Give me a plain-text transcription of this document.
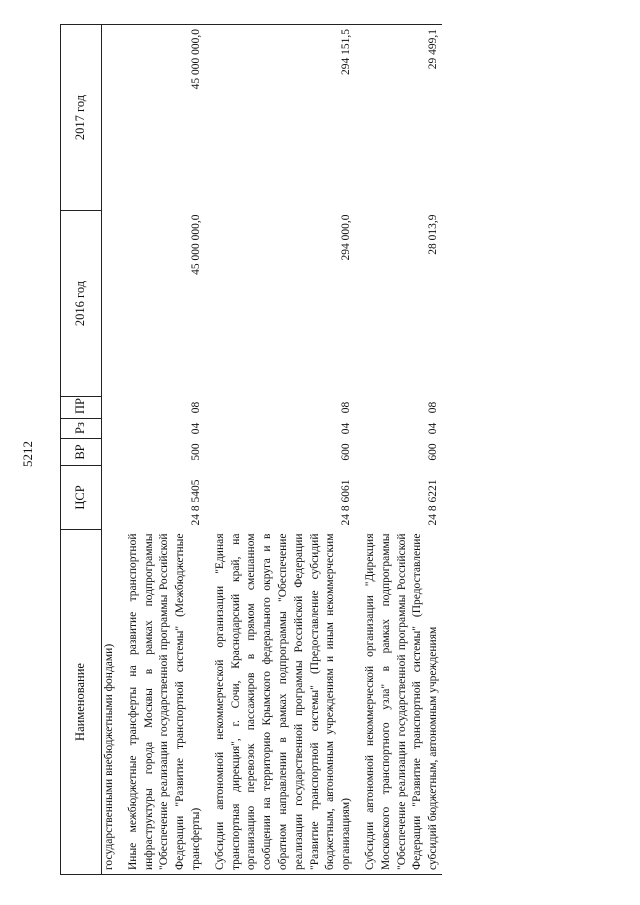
5212
Наименование	ЦСР	ВР	Рз	ПР	2016 год	2017 год
государственными внебюджетными фондами)						
Иные межбюджетные трансферты на развитие транспортной инфраструктуры города Москвы в рамках подпрограммы "Обеспечение реализации государственной программы Российской Федерации "Развитие транспортной системы" (Межбюджетные трансферты)	24 8 5405	500	04	08	45 000 000,0	45 000 000,0
Субсидии автономной некоммерческой организации "Единая транспортная дирекция", г. Сочи, Краснодарский край, на организацию перевозок пассажиров в прямом смешанном сообщении на территорию Крымского федерального округа и в обратном направлении в рамках подпрограммы "Обеспечение реализации государственной программы Российской Федерации "Развитие транспортной системы" (Предоставление субсидий бюджетным, автономным учреждениям и иным некоммерческим организациям)	24 8 6061	600	04	08	294 000,0	294 151,5
Субсидии автономной некоммерческой организации "Дирекция Московского транспортного узла" в рамках подпрограммы "Обеспечение реализации государственной программы Российской Федерации "Развитие транспортной системы" (Предоставление субсидий бюджетным, автономным учреждениям	24 8 6221	600	04	08	28 013,9	29 499,1
